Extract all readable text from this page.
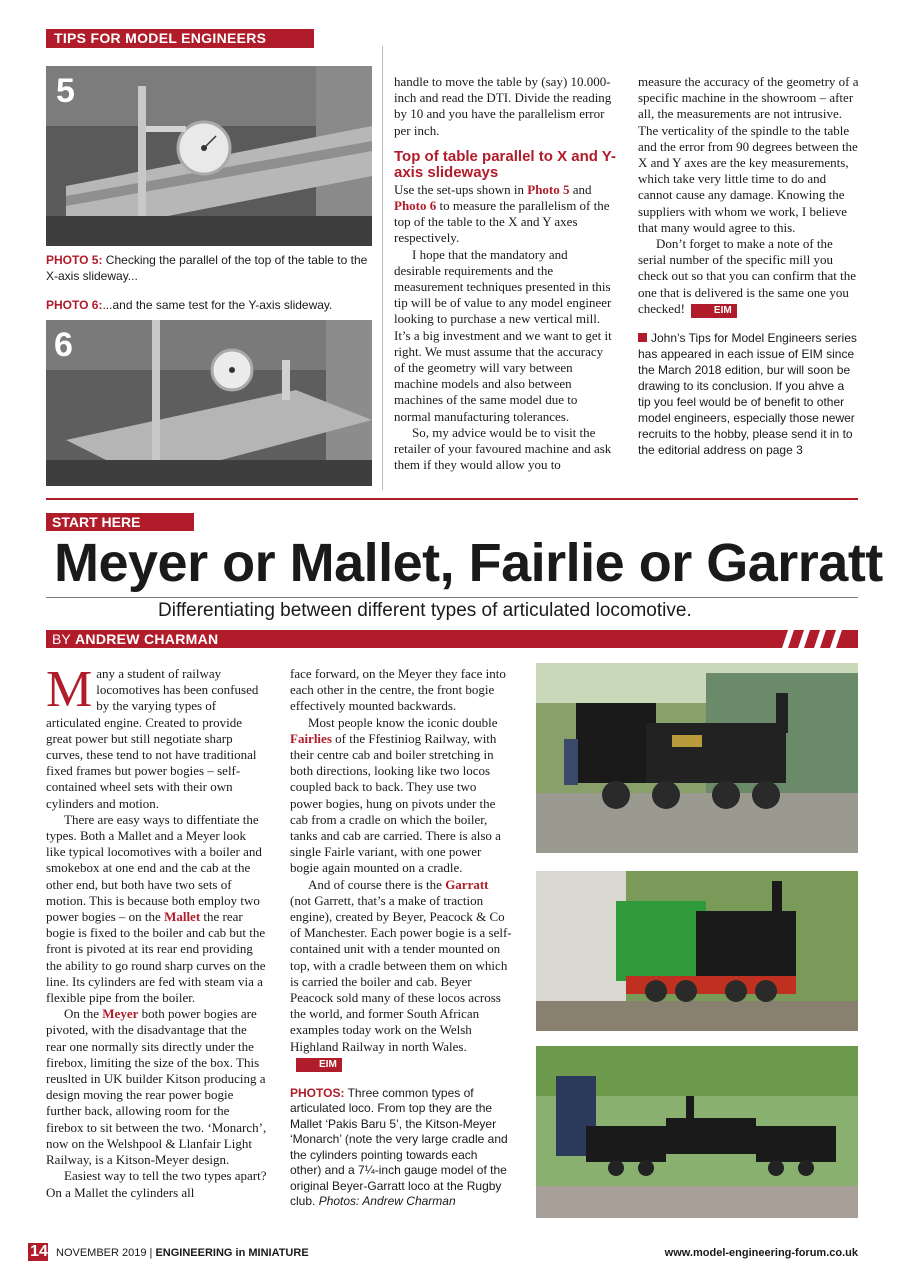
TIPS FOR MODEL ENGINEERS
5
PHOTO 5: Checking the parallel of the top of the table to the X-axis slideway...
PHOTO 6:...and the same test for the Y-axis slideway.
6

handle to move the table by (say) 10.000-inch and read the DTI. Divide the reading by 10 and you have the parallelism error per inch.

Top of table parallel to X and Y-axis slideways

Use the set-ups shown in Photo 5 and Photo 6 to measure the parallelism of the top of the table to the X and Y axes respectively.

I hope that the mandatory and desirable requirements and the measurement techniques presented in this tip will be of value to any model engineer looking to purchase a new vertical mill. It’s a big investment and we want to get it right. We must assume that the accuracy of the geometry will vary between machine models and also between machines of the same model due to normal manufacturing tolerances.

So, my advice would be to visit the retailer of your favoured machine and ask them if they would allow you to

measure the accuracy of the geometry of a specific machine in the showroom – after all, the measurements are not intrusive. The verticality of the spindle to the table and the error from 90 degrees between the X and Y axes are the key measurements, which take very little time to do and cannot cause any damage. Knowing the suppliers with whom we work, I believe that many would agree to this.

Don’t forget to make a note of the serial number of the specific mill you check out so that you can confirm that the one that is delivered is the same one you checked!	EIM

John’s Tips for Model Engineers series has appeared in each issue of EIM since the March 2018 edition, bur will soon be drawing to its conclusion. If you ahve a tip you feel would be of benefit to other model engineers, especially those newer recruits to the hobby, please send it in to the editorial address on page 3
START HERE
Meyer or Mallet, Fairlie or Garratt
Differentiating between different types of articulated locomotive.
BY ANDREW CHARMAN

Many a student of railway locomotives has been confused by the varying types of articulated engine. Created to provide great power but still negotiate sharp curves, these tend to not have traditional fixed frames but power bogies – self-contained wheel sets with their own cylinders and motion.

There are easy ways to diffentiate the types. Both a Mallet and a Meyer look like typical locomotives with a boiler and smokebox at one end and the cab at the other end, but both have two sets of motion. This is because both employ two power bogies – on the Mallet the rear bogie is fixed to the boiler and cab but the front is pivoted at its rear end providing the ability to go round sharp curves on the line. Its cylinders are fed with steam via a flexible pipe from the boiler.

On the Meyer both power bogies are pivoted, with the disadvantage that the rear one normally sits directly under the firebox, limiting the size of the box. This reuslted in UK builder Kitson producing a design moving the rear power bogie further back, allowing room for the firebox to sit between the two. ‘Monarch’, now on the Welshpool & Llanfair Light Railway, is a Kitson-Meyer design.

Easiest way to tell the two types apart? On a Mallet the cylinders all

face forward, on the Meyer they face into each other in the centre, the front bogie effectively mounted backwards.

Most people know the iconic double Fairlies of the Ffestiniog Railway, with their centre cab and boiler stretching in both directions, looking like two locos coupled back to back. They use two power bogies, hung on pivots under the cab from a cradle on which the boiler, tanks and cab are carried. There is also a single Fairle variant, with one power bogie again mounted on a cradle.

And of course there is the Garratt (not Garrett, that’s a make of traction engine), created by Beyer, Peacock & Co of Manchester. Each power bogie is a self-contained unit with a tender mounted on top, with a cradle between them on which is carried the boiler and cab. Beyer Peacock sold many of these locos across the world, and former South African examples today work on the Welsh Highland Railway in north Wales.EIM

PHOTOS: Three common types of articulated loco. From top they are the Mallet ‘Pakis Baru 5’, the Kitson-Meyer ‘Monarch’ (note the very large cradle and the cylinders pointing towards each other) and a 7¼-inch gauge model of the original Beyer-Garratt loco at the Rugby club. Photos: Andrew Charman
14 NOVEMBER 2019 | ENGINEERING in MINIATURE	www.model-engineering-forum.co.uk
